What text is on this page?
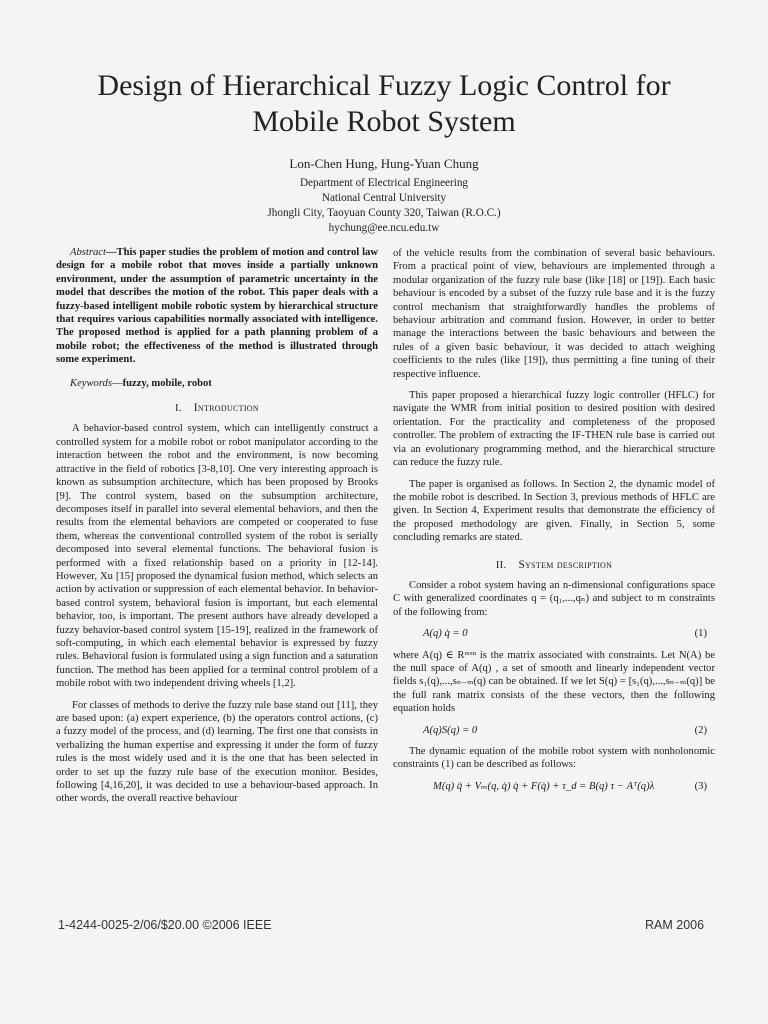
Design of Hierarchical Fuzzy Logic Control for
Mobile Robot System
Lon-Chen Hung, Hung-Yuan Chung
Department of Electrical Engineering
National Central University
Jhongli City, Taoyuan County 320, Taiwan (R.O.C.)
hychung@ee.ncu.edu.tw

Abstract—This paper studies the problem of motion and control law design for a mobile robot that moves inside a partially unknown environment, under the assumption of parametric uncertainty in the model that describes the motion of the robot. This paper deals with a fuzzy-based intelligent mobile robotic system by hierarchical structure that requires various capabilities normally associated with intelligence. The proposed method is applied for a path planning problem of a mobile robot; the effectiveness of the method is illustrated through some experiment.

Keywords—fuzzy, mobile, robot

I. Introduction

A behavior-based control system, which can intelligently construct a controlled system for a mobile robot or robot manipulator according to the interaction between the robot and the environment, is now becoming attractive in the field of robotics [3-8,10]. One very interesting approach is known as subsumption architecture, which has been proposed by Brooks [9]. The control system, based on the subsumption architecture, decomposes itself in parallel into several elemental behaviors, and then the results from the elemental behaviors are competed or cooperated to fuse them, whereas the conventional controlled system of the robot is serially decomposed into several elemental functions. The behavioral fusion is performed with a fixed relationship based on a priority in [12-14]. However, Xu [15] proposed the dynamical fusion method, which selects an action by activation or suppression of each elemental behavior. In behavior-based control system, behavioral fusion is important, but each elemental behavior, too, is important. The present authors have already developed a fuzzy behavior-based control system [15-19], realized in the framework of soft-computing, in which each elemental behavior is expressed by fuzzy rules. Behavioral fusion is formulated using a sign function and a saturation function. The method has been applied for a terminal control problem of a mobile robot with two independent driving wheels [1,2].

For classes of methods to derive the fuzzy rule base stand out [11], they are based upon: (a) expert experience, (b) the operators control actions, (c) a fuzzy model of the process, and (d) learning. The first one that consists in verbalizing the human expertise and expressing it under the form of fuzzy rules is the most widely used and it is the one that has been selected in order to set up the fuzzy rule base of the execution monitor. Besides, following [4,16,20], it was decided to use a behaviour-based approach. In other words, the overall reactive behaviour

of the vehicle results from the combination of several basic behaviours. From a practical point of view, behaviours are implemented through a modular organization of the fuzzy rule base (like [18] or [19]). Each basic behaviour is encoded by a subset of the fuzzy rule base and it is the fuzzy control mechanism that straightforwardly handles the problems of behaviour arbitration and command fusion. However, in order to better manage the interactions between the basic behaviours and between the rules of a given basic behaviour, it was decided to attach weighing coefficients to the rules (like [19]), thus permitting a fine tuning of their respective influence.

This paper proposed a hierarchical fuzzy logic controller (HFLC) for navigate the WMR from initial position to desired position with desired orientation. For the practicality and completeness of the proposed controller. The problem of extracting the IF-THEN rule base is carried out via an evolutionary programming method, and the hierarchical structure can reduce the fuzzy rule.

The paper is organised as follows. In Section 2, the dynamic model of the mobile robot is described. In Section 3, previous methods of HFLC are given. In Section 4, Experiment results that demonstrate the efficiency of the proposed methodology are given. Finally, in Section 5, some concluding remarks are stated.

II. System description

Consider a robot system having an n-dimensional configurations space C with generalized coordinates q = (q₁,...,qₙ) and subject to m constraints of the following from:

A(q) q̇ = 0	(1)

where A(q) ∈ Rᵐˣⁿ is the matrix associated with constraints. Let N(A) be the null space of A(q) , a set of smooth and linearly independent vector fields s₁(q),...,sₙ₋ₘ(q) can be obtained. If we let S(q) = [s₁(q),...,sₙ₋ₘ(q)] be the full rank matrix consists of the these vectors, then the following equation holds

A(q)S(q) = 0	(2)

The dynamic equation of the mobile robot system with nonholonomic constraints (1) can be described as follows:

M(q) q̈ + Vₘ(q, q̇) q̇ + F(q̇) + τ_d = B(q) τ − Aᵀ(q)λ	(3)
1-4244-0025-2/06/$20.00 ©2006 IEEE	RAM 2006
